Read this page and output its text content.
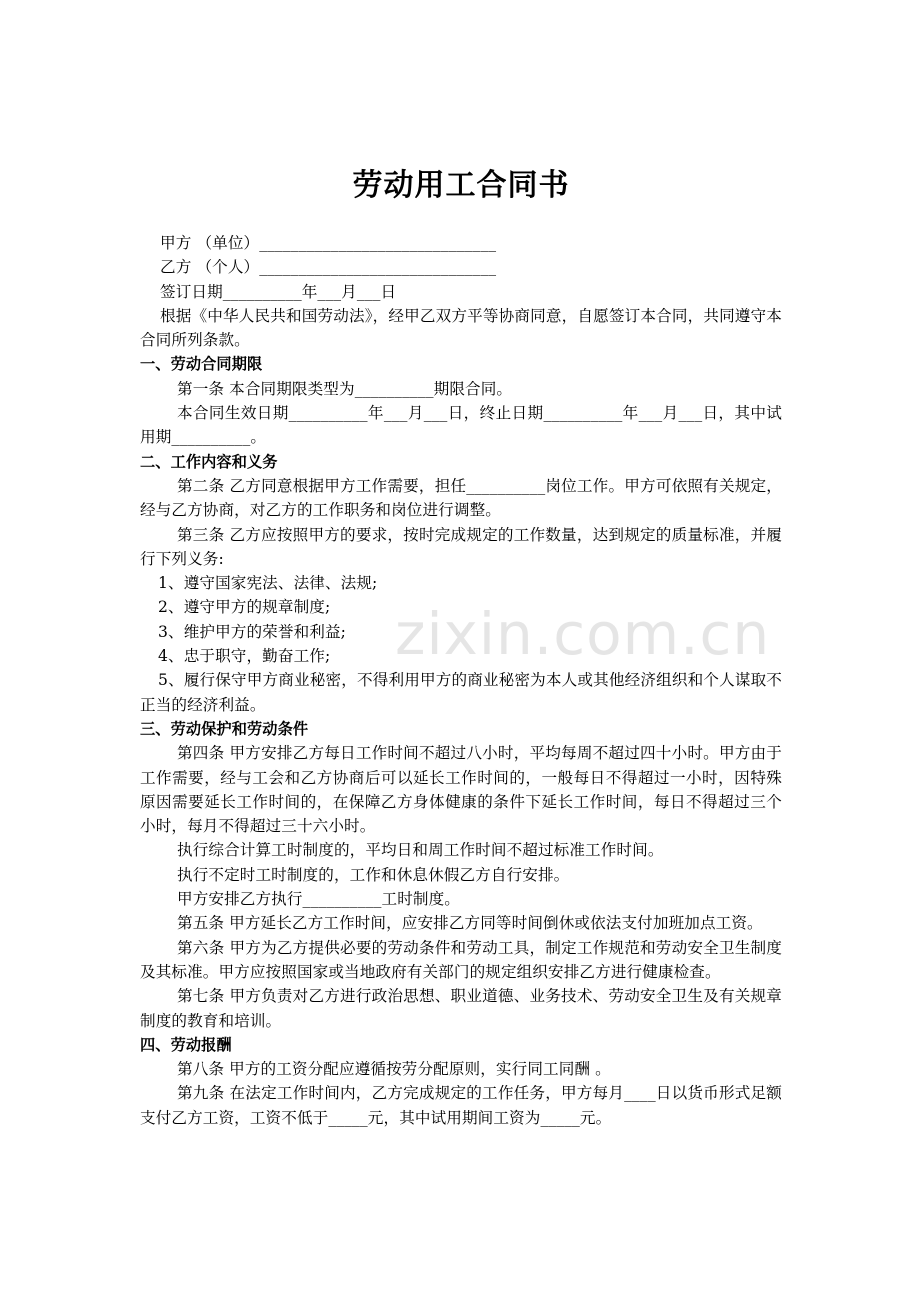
zixin.com.cn
劳动用工合同书
甲方 （单位）______________________________
乙方 （个人）______________________________
签订日期__________年___月___日
根据《中华人民共和国劳动法》，经甲乙双方平等协商同意，自愿签订本合同，共同遵守本合同所列条款。
一、劳动合同期限
第一条 本合同期限类型为__________期限合同。
本合同生效日期__________年___月___日，终止日期__________年___月___日，其中试用期__________。
二、工作内容和义务
第二条 乙方同意根据甲方工作需要，担任__________岗位工作。甲方可依照有关规定，经与乙方协商，对乙方的工作职务和岗位进行调整。
第三条 乙方应按照甲方的要求，按时完成规定的工作数量，达到规定的质量标准，并履行下列义务:
1、遵守国家宪法、法律、法规;
2、遵守甲方的规章制度;
3、维护甲方的荣誉和利益;
4、忠于职守，勤奋工作;
5、履行保守甲方商业秘密，不得利用甲方的商业秘密为本人或其他经济组织和个人谋取不正当的经济利益。
三、劳动保护和劳动条件
第四条 甲方安排乙方每日工作时间不超过八小时，平均每周不超过四十小时。甲方由于工作需要，经与工会和乙方协商后可以延长工作时间的，一般每日不得超过一小时，因特殊原因需要延长工作时间的，在保障乙方身体健康的条件下延长工作时间，每日不得超过三个小时，每月不得超过三十六小时。
执行综合计算工时制度的，平均日和周工作时间不超过标准工作时间。
执行不定时工时制度的，工作和休息休假乙方自行安排。
甲方安排乙方执行__________工时制度。
第五条 甲方延长乙方工作时间，应安排乙方同等时间倒休或依法支付加班加点工资。
第六条 甲方为乙方提供必要的劳动条件和劳动工具，制定工作规范和劳动安全卫生制度及其标准。甲方应按照国家或当地政府有关部门的规定组织安排乙方进行健康检查。
第七条 甲方负责对乙方进行政治思想、职业道德、业务技术、劳动安全卫生及有关规章制度的教育和培训。
四、劳动报酬
第八条 甲方的工资分配应遵循按劳分配原则，实行同工同酬 。
第九条 在法定工作时间内，乙方完成规定的工作任务，甲方每月____日以货币形式足额支付乙方工资，工资不低于_____元，其中试用期间工资为_____元。
